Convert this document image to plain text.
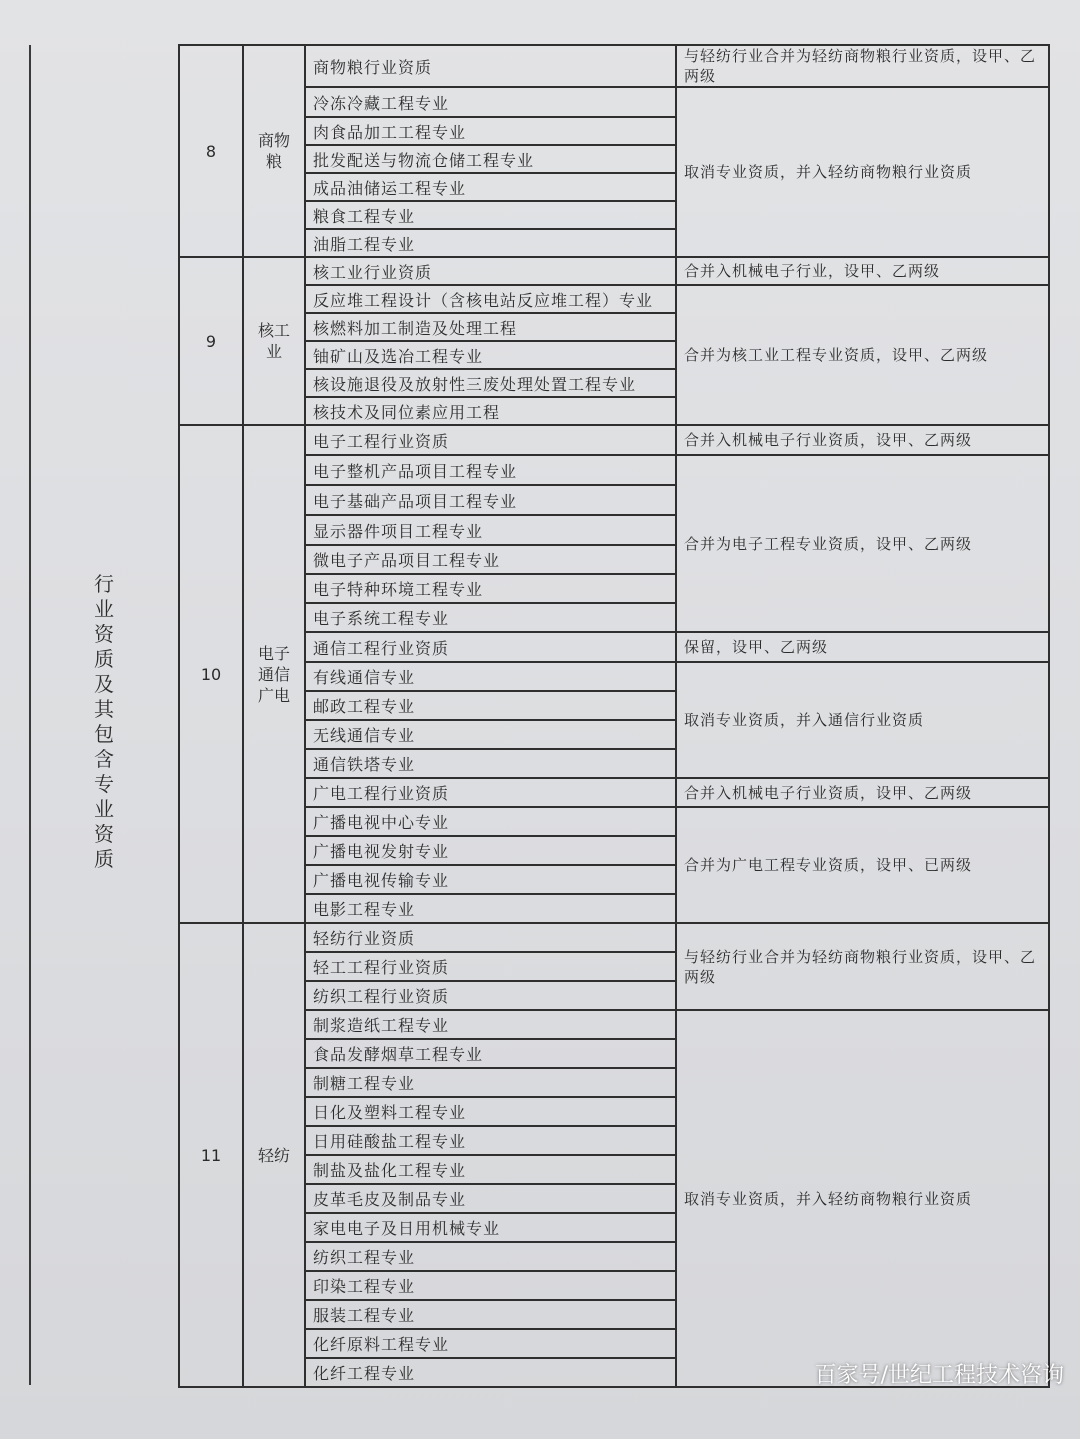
行业资质及其包含专业资质
8	商物粮	商物粮行业资质	与轻纺行业合并为轻纺商物粮行业资质，设甲、乙两级
		冷冻冷藏工程专业	取消专业资质，并入轻纺商物粮行业资质
		肉食品加工工程专业	
		批发配送与物流仓储工程专业	
		成品油储运工程专业	
		粮食工程专业	
		油脂工程专业	
9	核工业	核工业行业资质	合并入机械电子行业，设甲、乙两级
		反应堆工程设计（含核电站反应堆工程）专业	合并为核工业工程专业资质，设甲、乙两级
		核燃料加工制造及处理工程	
		铀矿山及选冶工程专业	
		核设施退役及放射性三废处理处置工程专业	
		核技术及同位素应用工程	
10	电子通信广电	电子工程行业资质	合并入机械电子行业资质，设甲、乙两级
		电子整机产品项目工程专业	合并为电子工程专业资质，设甲、乙两级
		电子基础产品项目工程专业	
		显示器件项目工程专业	
		微电子产品项目工程专业	
		电子特种环境工程专业	
		电子系统工程专业	
		通信工程行业资质	保留，设甲、乙两级
		有线通信专业	取消专业资质，并入通信行业资质
		邮政工程专业	
		无线通信专业	
		通信铁塔专业	
		广电工程行业资质	合并入机械电子行业资质，设甲、乙两级
		广播电视中心专业	合并为广电工程专业资质，设甲、已两级
		广播电视发射专业	
		广播电视传输专业	
		电影工程专业	
11	轻纺	轻纺行业资质	与轻纺行业合并为轻纺商物粮行业资质，设甲、乙两级
		轻工工程行业资质	
		纺织工程行业资质	
		制浆造纸工程专业	取消专业资质，并入轻纺商物粮行业资质
		食品发酵烟草工程专业	
		制糖工程专业	
		日化及塑料工程专业	
		日用硅酸盐工程专业	
		制盐及盐化工程专业	
		皮革毛皮及制品专业	
		家电电子及日用机械专业	
		纺织工程专业	
		印染工程专业	
		服装工程专业	
		化纤原料工程专业	
		化纤工程专业		百家号/世纪工程技术咨询
